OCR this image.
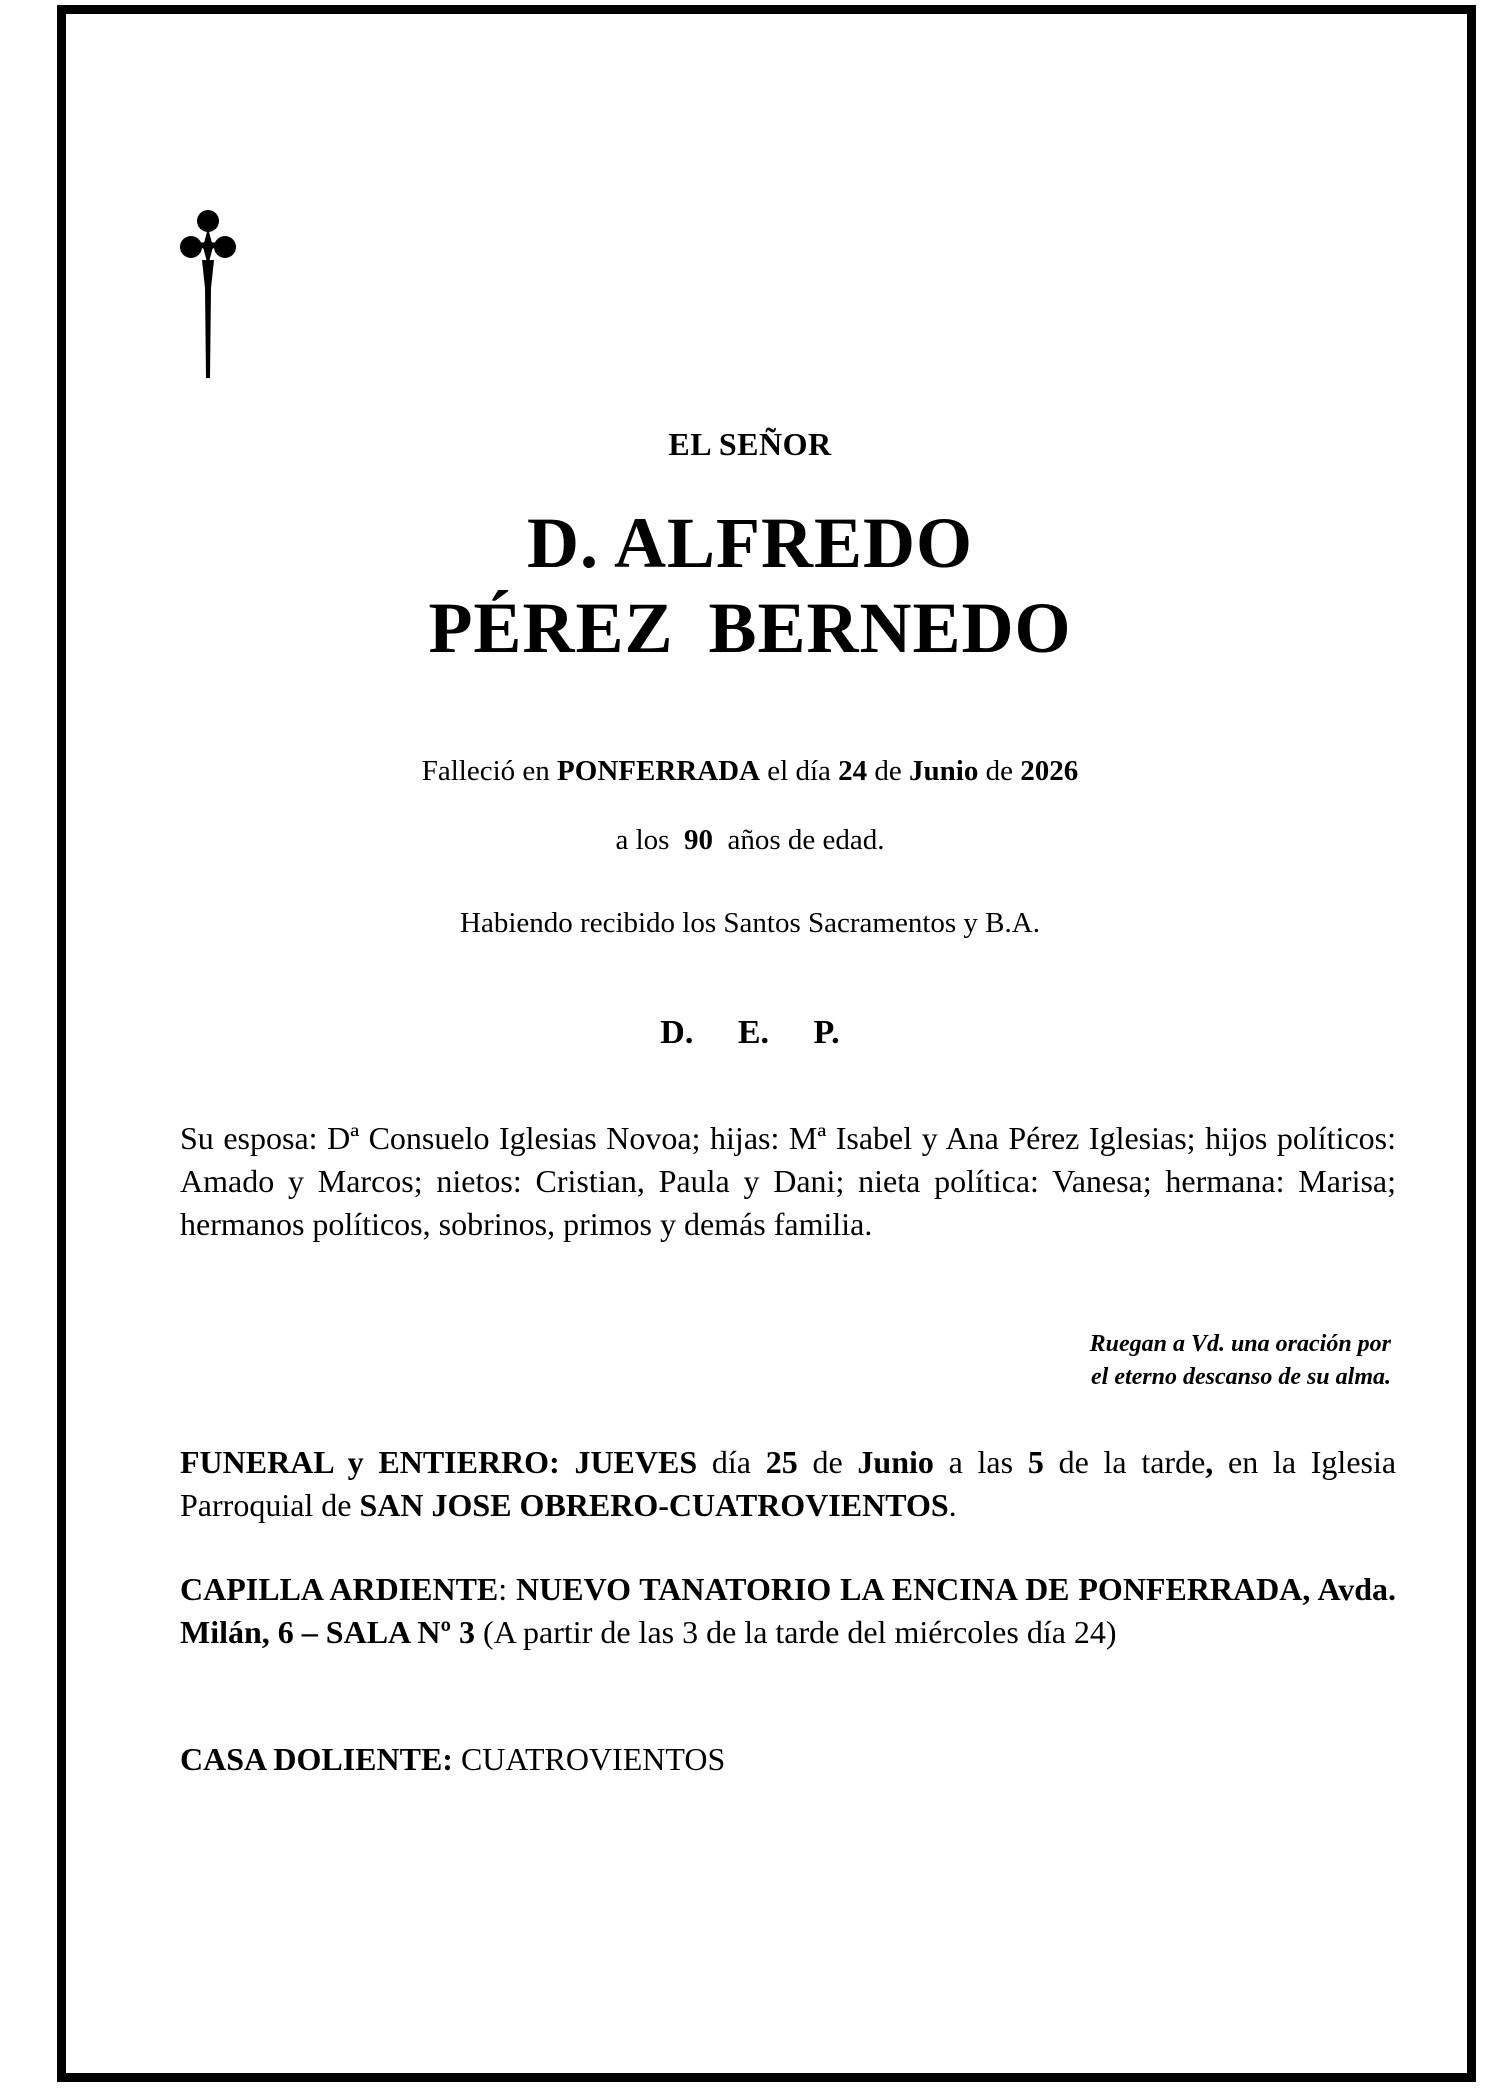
EL SEÑOR
D. ALFREDO
PÉREZ BERNEDO
Falleció en PONFERRADA el día 24 de Junio de 2026
a los 90 años de edad.
Habiendo recibido los Santos Sacramentos y B.A.
D. E. P.
Su esposa: Dª Consuelo Iglesias Novoa; hijas: Mª Isabel y Ana Pérez Iglesias; hijos políticos: Amado y Marcos; nietos: Cristian, Paula y Dani; nieta política: Vanesa; hermana: Marisa; hermanos políticos, sobrinos, primos y demás familia.
Ruegan a Vd. una oración por
el eterno descanso de su alma.
FUNERAL y ENTIERRO: JUEVES día 25 de Junio a las 5 de la tarde, en la Iglesia Parroquial de SAN JOSE OBRERO-CUATROVIENTOS.
CAPILLA ARDIENTE: NUEVO TANATORIO LA ENCINA DE PONFERRADA, Avda. Milán, 6 – SALA Nº 3 (A partir de las 3 de la tarde del miércoles día 24)
CASA DOLIENTE: CUATROVIENTOS
